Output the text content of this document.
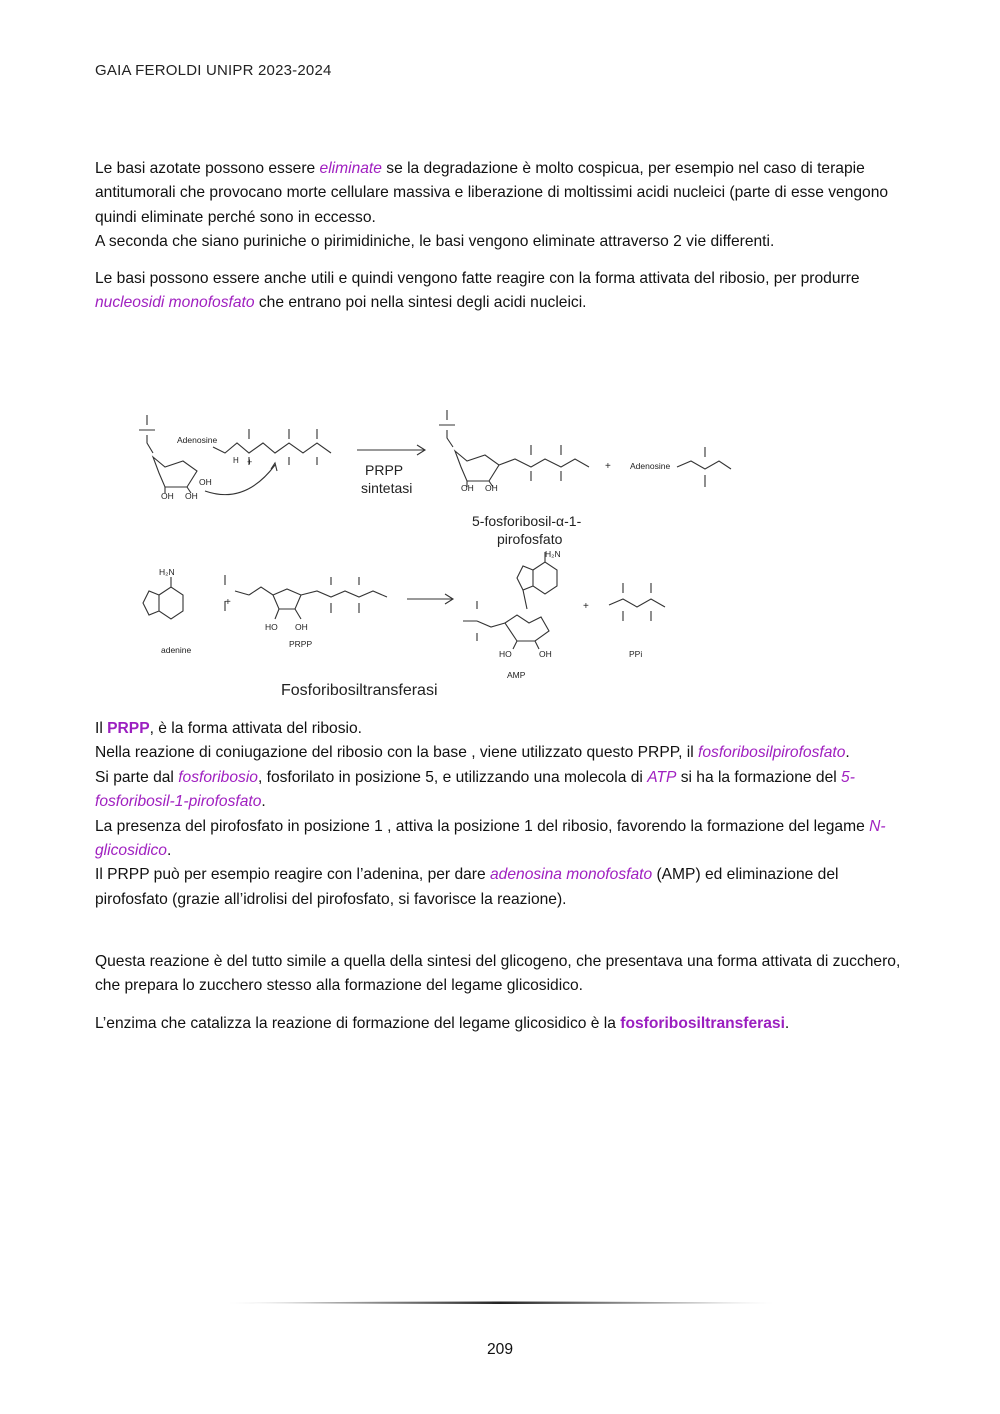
GAIA FEROLDI UNIPR 2023-2024

Le basi azotate possono essere eliminate se la degradazione è molto cospicua, per esempio nel caso di terapie antitumorali che provocano morte cellulare massiva e liberazione di moltissimi acidi nucleici (parte di esse vengono quindi eliminate perché sono in eccesso.

A seconda che siano puriniche o pirimidiniche, le basi vengono eliminate attraverso 2 vie differenti.

Le basi possono essere anche utili e quindi vengono fatte reagire con la forma attivata del ribosio, per produrre nucleosidi monofosfato che entrano poi nella sintesi degli acidi nucleici.

Adenosine
H +
OH OH
OH
OH OH
+ Adenosine
PRPP
sintetasi
5-fosforibosil-α-1-
pirofosfato
H₂N
+
adenine
HO OH
PRPP
H₂N
HO	OH
AMP
+
PPi
Fosforibosiltransferasi

Il PRPP, è la forma attivata del ribosio.

Nella reazione di coniugazione del ribosio con la base , viene utilizzato questo PRPP, il fosforibosilpirofosfato.

Si parte dal fosforibosio, fosforilato in posizione 5, e utilizzando una molecola di ATP si ha la formazione del 5-fosforibosil-1-pirofosfato.

La presenza del pirofosfato in posizione 1 , attiva la posizione 1 del ribosio, favorendo la formazione del legame N-glicosidico.

Il PRPP può per esempio reagire con l’adenina, per dare adenosina monofosfato (AMP) ed eliminazione del pirofosfato (grazie all’idrolisi del pirofosfato, si favorisce la reazione).

Questa reazione è del tutto simile a quella della sintesi del glicogeno, che presentava una forma attivata di zucchero, che prepara lo zucchero stesso alla formazione del legame glicosidico.

L’enzima che catalizza la reazione di formazione del legame glicosidico è la fosforibosiltransferasi.

209
